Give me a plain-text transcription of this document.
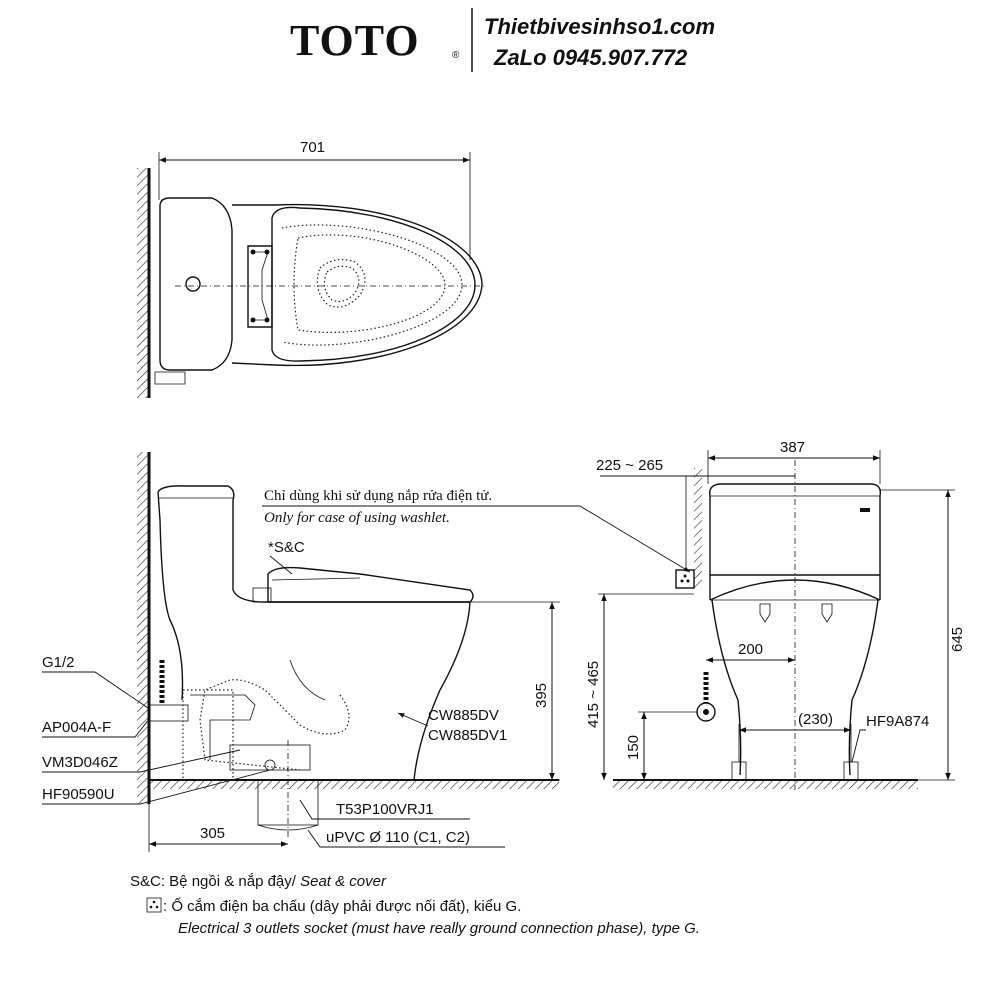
TOTO	®
Thietbivesinhso1.com
ZaLo 0945.907.772
701
Chỉ dùng khi sử dụng nắp rửa điện tử.
Only for case of using washlet.
*S&C
395
CW885DV
CW885DV1
G1/2
AP004A-F
VM3D046Z
HF90590U
T53P100VRJ1
uPVC Ø 110 (C1, C2)
305
387
225 ~ 265
645
415 ~ 465
150
200
(230) HF9A874
S&C: Bệ ngồi & nắp đậy/ Seat & cover
: Ổ cắm điện ba chấu (dây phải được nối đất), kiểu G.
Electrical 3 outlets socket (must have really ground connection phase), type G.
